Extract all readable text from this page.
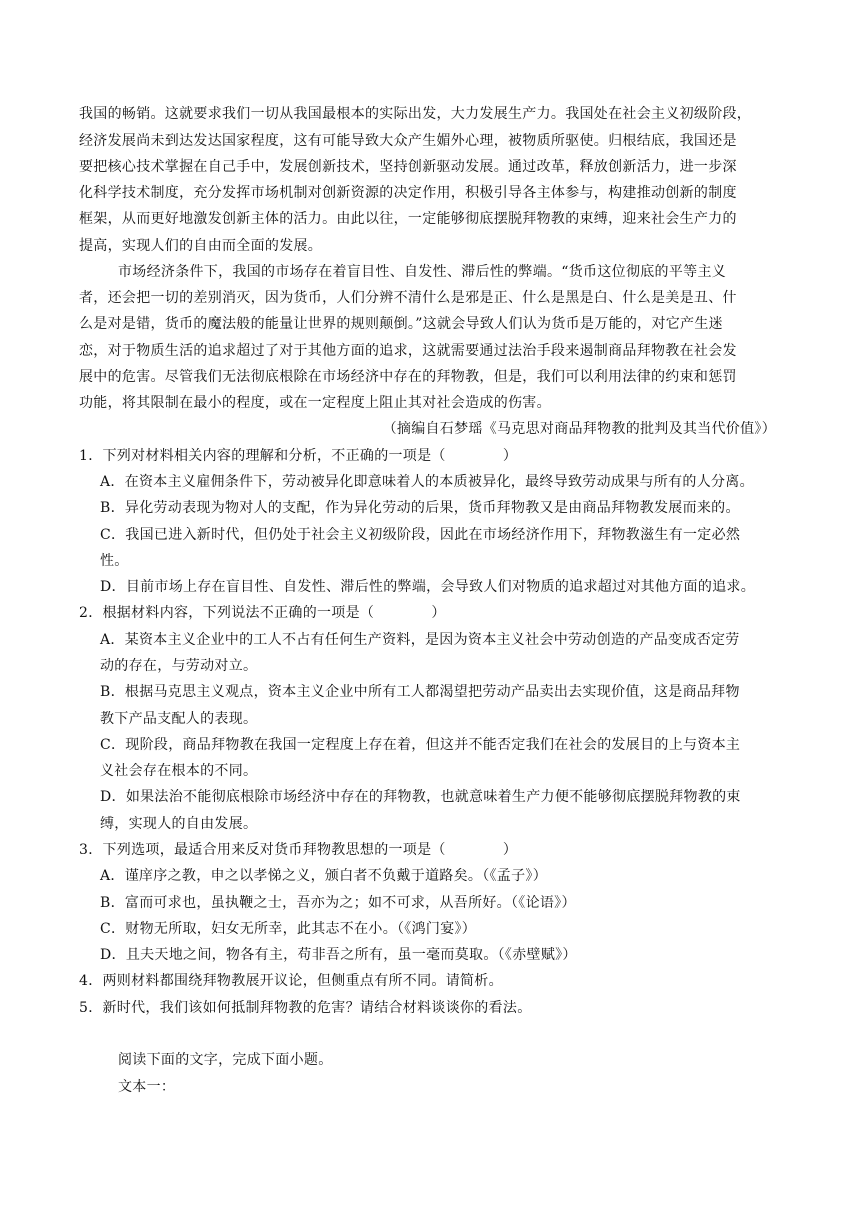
我国的畅销。这就要求我们一切从我国最根本的实际出发，大力发展生产力。我国处在社会主义初级阶段，
经济发展尚未到达发达国家程度，这有可能导致大众产生媚外心理，被物质所驱使。归根结底，我国还是
要把核心技术掌握在自己手中，发展创新技术，坚持创新驱动发展。通过改革，释放创新活力，进一步深
化科学技术制度，充分发挥市场机制对创新资源的决定作用，积极引导各主体参与，构建推动创新的制度
框架，从而更好地激发创新主体的活力。由此以往，一定能够彻底摆脱拜物教的束缚，迎来社会生产力的
提高，实现人们的自由而全面的发展。
市场经济条件下，我国的市场存在着盲目性、自发性、滞后性的弊端。“货币这位彻底的平等主义
者，还会把一切的差别消灭，因为货币，人们分辨不清什么是邪是正、什么是黑是白、什么是美是丑、什
么是对是错，货币的魔法般的能量让世界的规则颠倒。”这就会导致人们认为货币是万能的，对它产生迷
恋，对于物质生活的追求超过了对于其他方面的追求，这就需要通过法治手段来遏制商品拜物教在社会发
展中的危害。尽管我们无法彻底根除在市场经济中存在的拜物教，但是，我们可以利用法律的约束和惩罚
功能，将其限制在最小的程度，或在一定程度上阻止其对社会造成的伤害。
（摘编自石梦瑶《马克思对商品拜物教的批判及其当代价值》）
1．下列对材料相关内容的理解和分析，不正确的一项是（　　　　）
A．在资本主义雇佣条件下，劳动被异化即意味着人的本质被异化，最终导致劳动成果与所有的人分离。
B．异化劳动表现为物对人的支配，作为异化劳动的后果，货币拜物教又是由商品拜物教发展而来的。
C．我国已进入新时代，但仍处于社会主义初级阶段，因此在市场经济作用下，拜物教滋生有一定必然
性。
D．目前市场上存在盲目性、自发性、滞后性的弊端，会导致人们对物质的追求超过对其他方面的追求。
2．根据材料内容，下列说法不正确的一项是（　　　　）
A．某资本主义企业中的工人不占有任何生产资料，是因为资本主义社会中劳动创造的产品变成否定劳
动的存在，与劳动对立。
B．根据马克思主义观点，资本主义企业中所有工人都渴望把劳动产品卖出去实现价值，这是商品拜物
教下产品支配人的表现。
C．现阶段，商品拜物教在我国一定程度上存在着，但这并不能否定我们在社会的发展目的上与资本主
义社会存在根本的不同。
D．如果法治不能彻底根除市场经济中存在的拜物教，也就意味着生产力便不能够彻底摆脱拜物教的束
缚，实现人的自由发展。
3．下列选项，最适合用来反对货币拜物教思想的一项是（　　　　）
A．谨庠序之教，申之以孝悌之义，颁白者不负戴于道路矣。（《孟子》）
B．富而可求也，虽执鞭之士，吾亦为之；如不可求，从吾所好。（《论语》）
C．财物无所取，妇女无所幸，此其志不在小。（《鸿门宴》）
D．且夫天地之间，物各有主，苟非吾之所有，虽一毫而莫取。（《赤壁赋》）
4．两则材料都围绕拜物教展开议论，但侧重点有所不同。请简析。
5．新时代，我们该如何抵制拜物教的危害？请结合材料谈谈你的看法。
阅读下面的文字，完成下面小题。
文本一：
